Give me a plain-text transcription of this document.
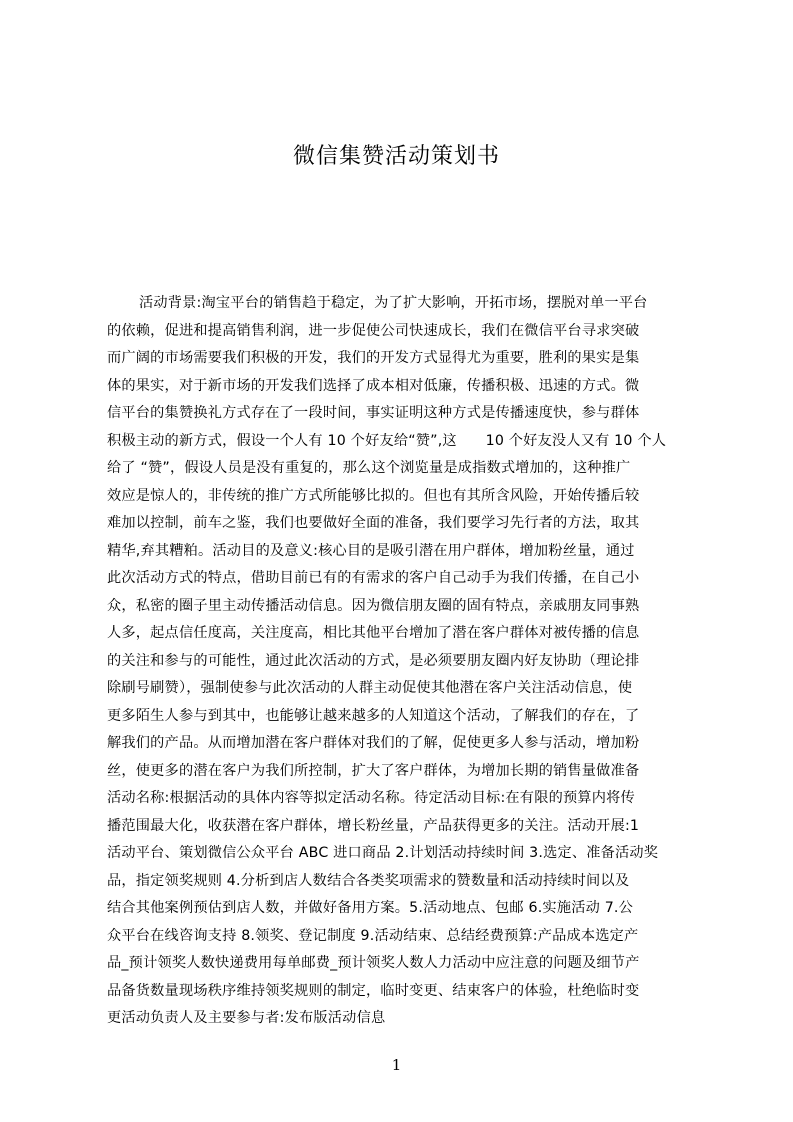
微信集赞活动策划书
活动背景:淘宝平台的销售趋于稳定，为了扩大影响，开拓市场，摆脱对单一平台
的依赖，促进和提高销售利润，进一步促使公司快速成长，我们在微信平台寻求突破
而广阔的市场需要我们积极的开发，我们的开发方式显得尤为重要，胜利的果实是集
体的果实，对于新市场的开发我们选择了成本相对低廉，传播积极、迅速的方式。微
信平台的集赞换礼方式存在了一段时间，事实证明这种方式是传播速度快，参与群体
积极主动的新方式，假设一个人有 10 个好友给“赞”,这　　10 个好友没人又有 10 个人
给了 “赞”，假设人员是没有重复的，那么这个浏览量是成指数式增加的，这种推广
效应是惊人的，非传统的推广方式所能够比拟的。但也有其所含风险，开始传播后较
难加以控制，前车之鉴，我们也要做好全面的准备，我们要学习先行者的方法，取其
精华,弃其糟粕。活动目的及意义:核心目的是吸引潜在用户群体，增加粉丝量，通过
此次活动方式的特点，借助目前已有的有需求的客户自己动手为我们传播，在自己小
众，私密的圈子里主动传播活动信息。因为微信朋友圈的固有特点，亲戚朋友同事熟
人多，起点信任度高，关注度高，相比其他平台增加了潜在客户群体对被传播的信息
的关注和参与的可能性，通过此次活动的方式，是必须要朋友圈内好友协助（理论排
除刷号刷赞），强制使参与此次活动的人群主动促使其他潜在客户关注活动信息，使
更多陌生人参与到其中，也能够让越来越多的人知道这个活动，了解我们的存在，了
解我们的产品。从而增加潜在客户群体对我们的了解，促使更多人参与活动，增加粉
丝，使更多的潜在客户为我们所控制，扩大了客户群体，为增加长期的销售量做准备
活动名称:根据活动的具体内容等拟定活动名称。待定活动目标:在有限的预算内将传
播范围最大化，收获潜在客户群体，增长粉丝量，产品获得更多的关注。活动开展:1
活动平台、策划微信公众平台 ABC 进口商品 2.计划活动持续时间 3.选定、准备活动奖
品，指定领奖规则 4.分析到店人数结合各类奖项需求的赞数量和活动持续时间以及
结合其他案例预估到店人数，并做好备用方案。5.活动地点、包邮 6.实施活动 7.公
众平台在线咨询支持 8.领奖、登记制度 9.活动结束、总结经费预算:产品成本选定产
品_预计领奖人数快递费用每单邮费_预计领奖人数人力活动中应注意的问题及细节产
品备货数量现场秩序维持领奖规则的制定，临时变更、结束客户的体验，杜绝临时变
更活动负责人及主要参与者:发布版活动信息
1
